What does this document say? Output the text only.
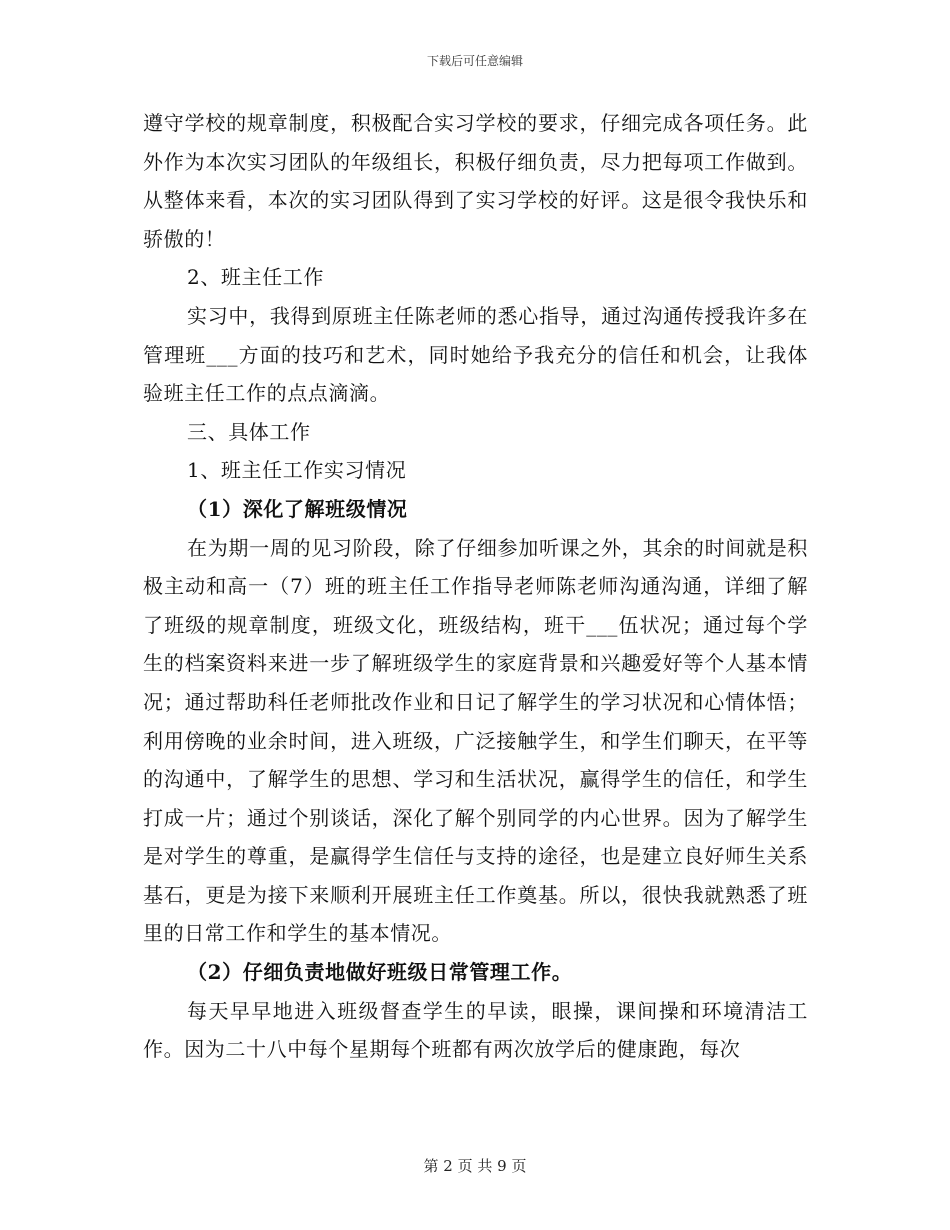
下载后可任意编辑

遵守学校的规章制度，积极配合实习学校的要求，仔细完成各项任务。此外作为本次实习团队的年级组长，积极仔细负责，尽力把每项工作做到。从整体来看，本次的实习团队得到了实习学校的好评。这是很令我快乐和骄傲的！

2、班主任工作

实习中，我得到原班主任陈老师的悉心指导，通过沟通传授我许多在管理班___方面的技巧和艺术，同时她给予我充分的信任和机会，让我体验班主任工作的点点滴滴。

三、具体工作

1、班主任工作实习情况

（1）深化了解班级情况

在为期一周的见习阶段，除了仔细参加听课之外，其余的时间就是积极主动和高一（7）班的班主任工作指导老师陈老师沟通沟通，详细了解了班级的规章制度，班级文化，班级结构，班干___伍状况；通过每个学生的档案资料来进一步了解班级学生的家庭背景和兴趣爱好等个人基本情况；通过帮助科任老师批改作业和日记了解学生的学习状况和心情体悟；利用傍晚的业余时间，进入班级，广泛接触学生，和学生们聊天，在平等的沟通中，了解学生的思想、学习和生活状况，赢得学生的信任，和学生打成一片；通过个别谈话，深化了解个别同学的内心世界。因为了解学生是对学生的尊重，是赢得学生信任与支持的途径，也是建立良好师生关系基石，更是为接下来顺利开展班主任工作奠基。所以，很快我就熟悉了班里的日常工作和学生的基本情况。

（2）仔细负责地做好班级日常管理工作。

每天早早地进入班级督查学生的早读，眼操，课间操和环境清洁工作。因为二十八中每个星期每个班都有两次放学后的健康跑，每次

第 2 页 共 9 页
